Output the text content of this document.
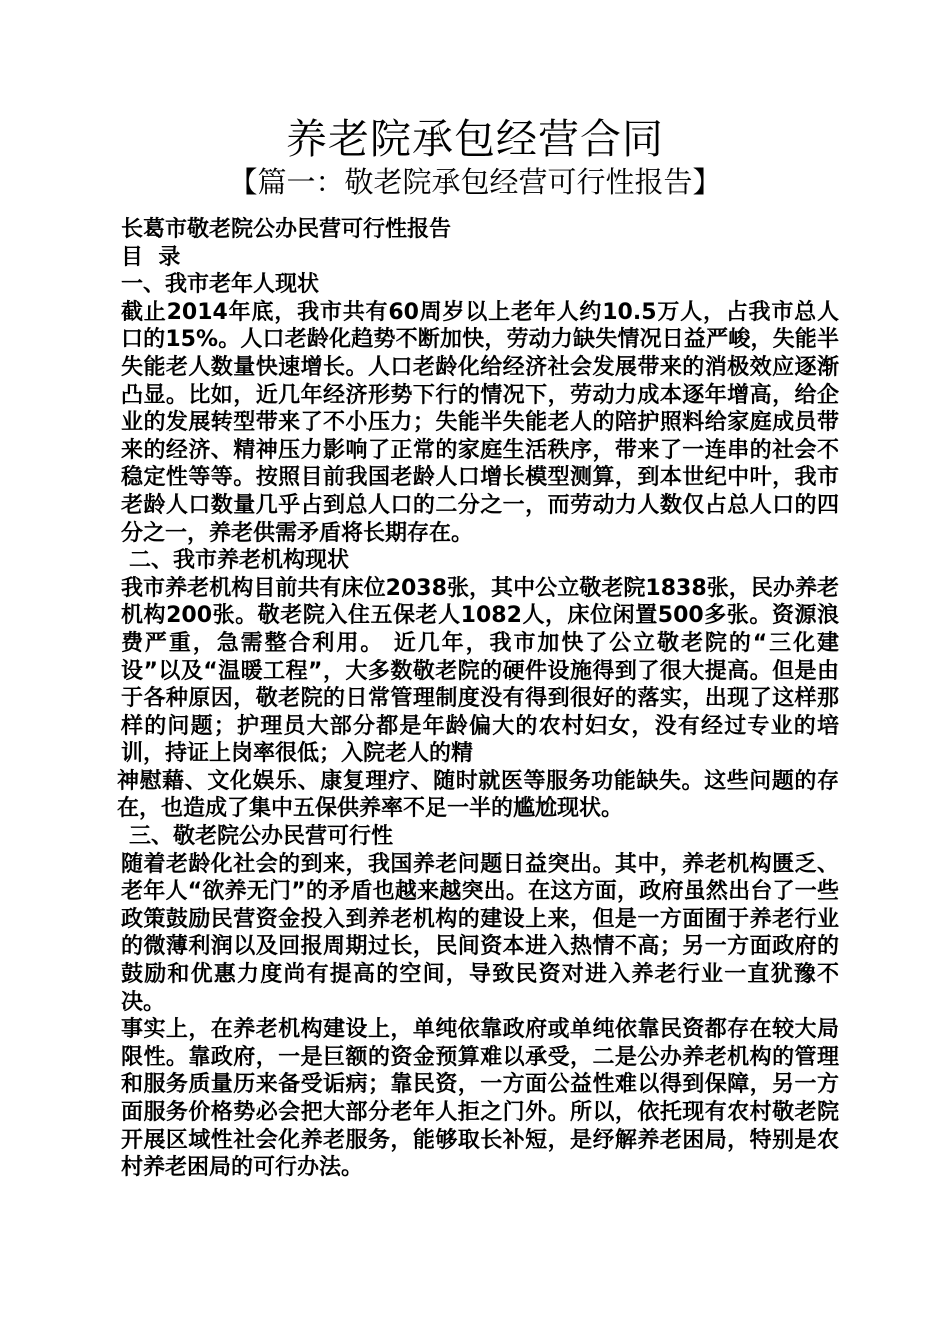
养老院承包经营合同
【篇一：敬老院承包经营可行性报告】

长葛市敬老院公办民营可行性报告

目  录

一、我市老年人现状

截止2014年底，我市共有60周岁以上老年人约10.5万人，占我市总人口的15%。人口老龄化趋势不断加快，劳动力缺失情况日益严峻，失能半失能老人数量快速增长。人口老龄化给经济社会发展带来的消极效应逐渐凸显。比如，近几年经济形势下行的情况下，劳动力成本逐年增高，给企业的发展转型带来了不小压力；失能半失能老人的陪护照料给家庭成员带来的经济、精神压力影响了正常的家庭生活秩序，带来了一连串的社会不稳定性等等。按照目前我国老龄人口增长模型测算，到本世纪中叶，我市老龄人口数量几乎占到总人口的二分之一，而劳动力人数仅占总人口的四分之一，养老供需矛盾将长期存在。

二、我市养老机构现状

我市养老机构目前共有床位2038张，其中公立敬老院1838张，民办养老机构200张。敬老院入住五保老人1082人，床位闲置500多张。资源浪费严重，急需整合利用。 近几年，我市加快了公立敬老院的“三化建设”以及“温暖工程”，大多数敬老院的硬件设施得到了很大提高。但是由于各种原因，敬老院的日常管理制度没有得到很好的落实，出现了这样那样的问题；护理员大部分都是年龄偏大的农村妇女，没有经过专业的培训，持证上岗率很低；入院老人的精

神慰藉、文化娱乐、康复理疗、随时就医等服务功能缺失。这些问题的存在，也造成了集中五保供养率不足一半的尴尬现状。

三、敬老院公办民营可行性

随着老龄化社会的到来，我国养老问题日益突出。其中，养老机构匮乏、老年人“欲养无门”的矛盾也越来越突出。在这方面，政府虽然出台了一些政策鼓励民营资金投入到养老机构的建设上来，但是一方面囿于养老行业的微薄利润以及回报周期过长，民间资本进入热情不高；另一方面政府的鼓励和优惠力度尚有提高的空间，导致民资对进入养老行业一直犹豫不决。

事实上，在养老机构建设上，单纯依靠政府或单纯依靠民资都存在较大局限性。靠政府，一是巨额的资金预算难以承受，二是公办养老机构的管理和服务质量历来备受诟病；靠民资，一方面公益性难以得到保障，另一方面服务价格势必会把大部分老年人拒之门外。所以，依托现有农村敬老院开展区域性社会化养老服务，能够取长补短，是纾解养老困局，特别是农村养老困局的可行办法。
